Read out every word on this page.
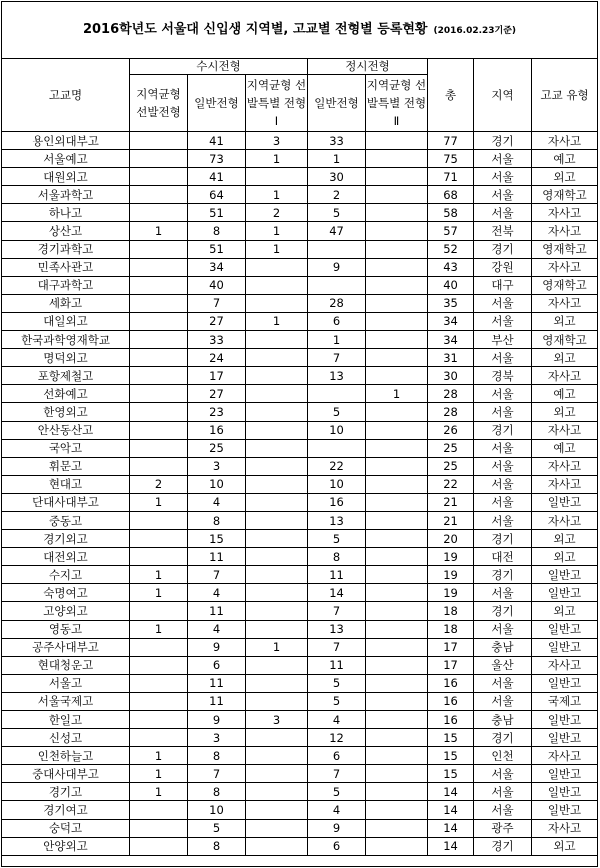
2016학년도 서울대 신입생 지역별, 고교별 전형별 등록현황 (2016.02.23기준)
고교명	수시전형			정시전형		총	지역	고교 유형
	지역균형 선발전형	일반전형	지역균형 선발특별 전형Ⅰ	일반전형	지역균형 선발특별 전형Ⅱ			
용인외대부고		41	3	33		77	경기	자사고
서울예고		73	1	1		75	서울	예고
대원외고		41		30		71	서울	외고
서울과학고		64	1	2		68	서울	영재학고
하나고		51	2	5		58	서울	자사고
상산고	1	8	1	47		57	전북	자사고
경기과학고		51	1			52	경기	영재학고
민족사관고		34		9		43	강원	자사고
대구과학고		40				40	대구	영재학고
세화고		7		28		35	서울	자사고
대일외고		27	1	6		34	서울	외고
한국과학영재학교		33		1		34	부산	영재학고
명덕외고		24		7		31	서울	외고
포항제철고		17		13		30	경북	자사고
선화예고		27			1	28	서울	예고
한영외고		23		5		28	서울	외고
안산동산고		16		10		26	경기	자사고
국악고		25				25	서울	예고
휘문고		3		22		25	서울	자사고
현대고	2	10		10		22	서울	자사고
단대사대부고	1	4		16		21	서울	일반고
중동고		8		13		21	서울	자사고
경기외고		15		5		20	경기	외고
대전외고		11		8		19	대전	외고
수지고	1	7		11		19	경기	일반고
숙명여고	1	4		14		19	서울	일반고
고양외고		11		7		18	경기	외고
영동고	1	4		13		18	서울	일반고
공주사대부고		9	1	7		17	충남	일반고
현대청운고		6		11		17	울산	자사고
서울고		11		5		16	서울	일반고
서울국제고		11		5		16	서울	국제고
한일고		9	3	4		16	충남	일반고
신성고		3		12		15	경기	일반고
인천하늘고	1	8		6		15	인천	자사고
중대사대부고	1	7		7		15	서울	일반고
경기고	1	8		5		14	서울	일반고
경기여고		10		4		14	서울	일반고
숭덕고		5		9		14	광주	자사고
안양외고		8		6		14	경기	외고
